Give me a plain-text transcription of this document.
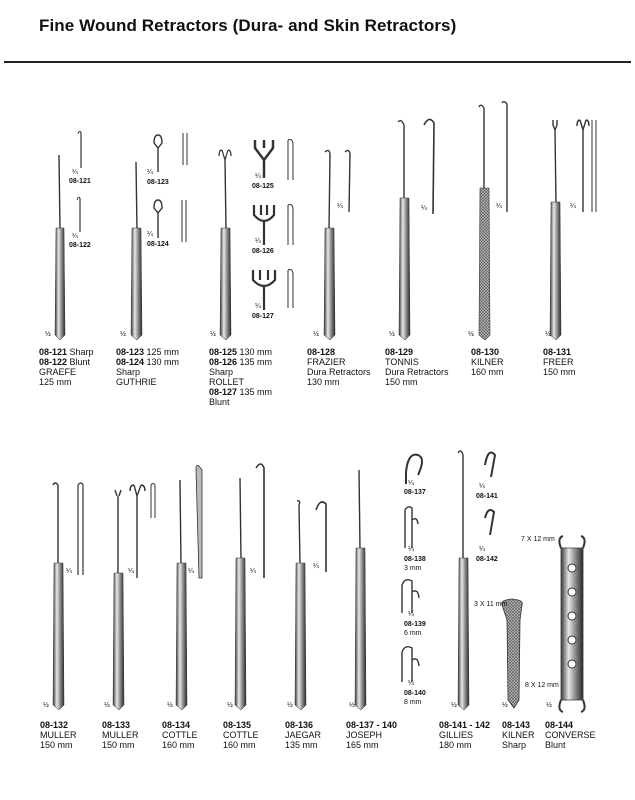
Fine Wound Retractors (Dura- and Skin Retractors)
08-121
08-122
08-123
08-124
08-125
08-126
08-127
08-137
08-138
3 mm
08-139
6 mm
08-140
8 mm
08-141
08-142
7 X 12 mm
3 X 11 mm
8 X 12 mm
¼
¼
¼
¼
¼
¼
¼
¼	¼	¼	¼
½	½	½	½	½	½	½
¼	¼	¼	¼
¼
¼
¼
¼
¼
¼
¼
½	½	½	½	½	½	½	½	½
08-121 Sharp
08-122 Blunt
GRAEFE
125 mm
08-123 125 mm
08-124 130 mm
Sharp
GUTHRIE
08-125 130 mm
08-126 135 mm
Sharp
ROLLET
08-127 135 mm
Blunt
08-128
FRAZIER
Dura Retractors
130 mm
08-129
TONNIS
Dura Retractors
150 mm
08-130
KILNER
160 mm
08-131
FREER
150 mm
08-132
MULLER
150 mm
08-133
MULLER
150 mm
08-134
COTTLE
160 mm
08-135
COTTLE
160 mm
08-136
JAEGAR
135 mm
08-137 - 140
JOSEPH
165 mm
08-141 - 142
GILLIES
180 mm
08-143
KILNER
Sharp
08-144
CONVERSE
Blunt
